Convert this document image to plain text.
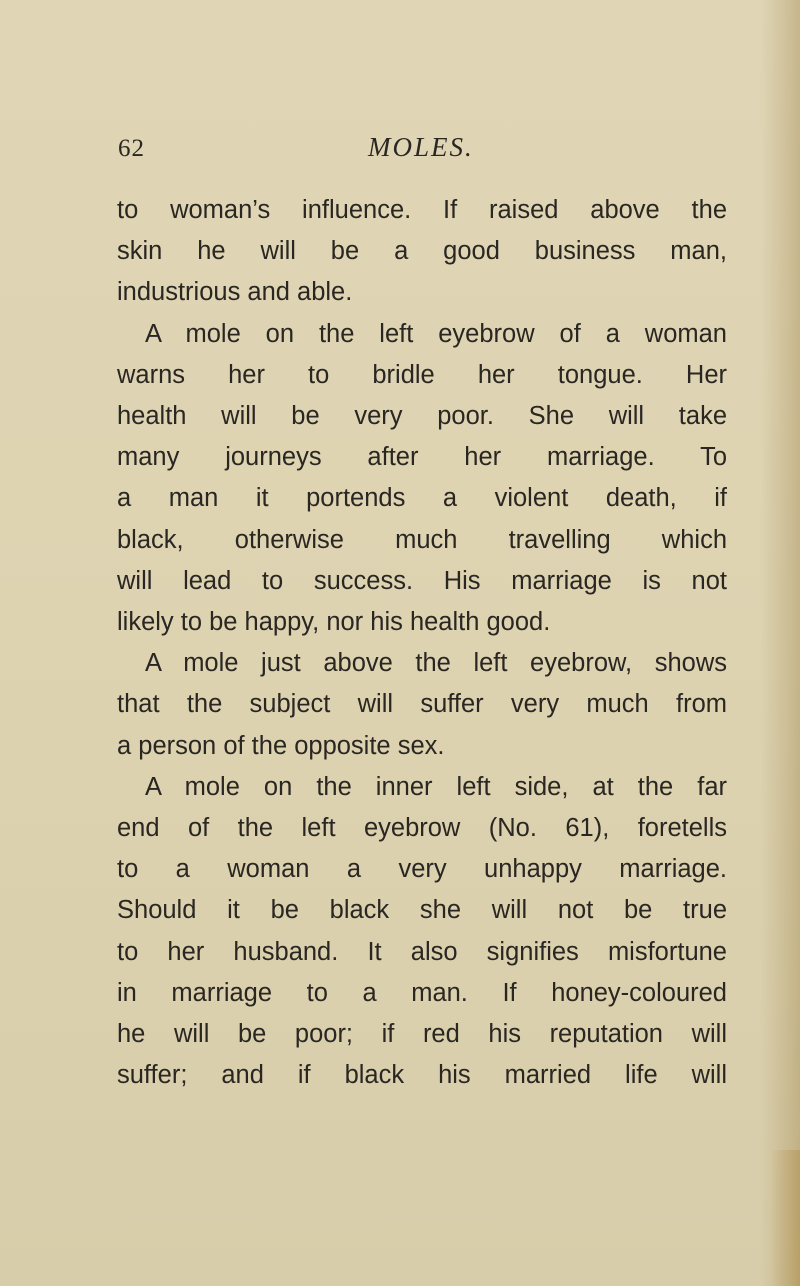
62	MOLES.

to woman’s influence. If raised above the

skin he will be a good business man,

industrious and able.

A mole on the left eyebrow of a woman

warns her to bridle her tongue. Her

health will be very poor. She will take

many journeys after her marriage. To

a man it portends a violent death, if

black, otherwise much travelling which

will lead to success. His marriage is not

likely to be happy, nor his health good.

A mole just above the left eyebrow, shows

that the subject will suffer very much from

a person of the opposite sex.

A mole on the inner left side, at the far

end of the left eyebrow (No. 61), foretells

to a woman a very unhappy marriage.

Should it be black she will not be true

to her husband. It also signifies misfortune

in marriage to a man. If honey-coloured

he will be poor; if red his reputation will

suffer; and if black his married life will
